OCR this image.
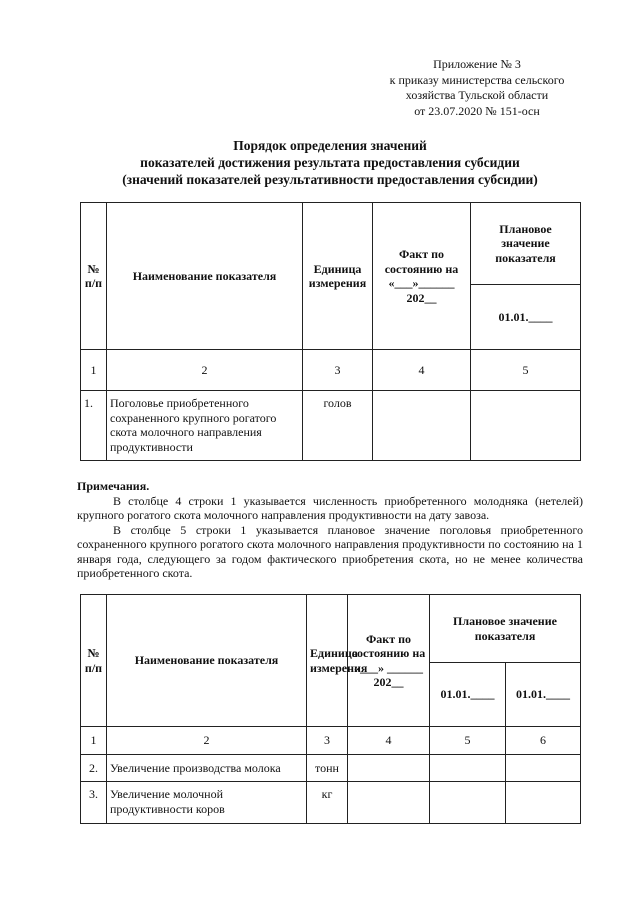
Приложение № 3
к приказу министерства сельского
хозяйства Тульской области
от 23.07.2020 № 151-осн
Порядок определения значений
показателей достижения результата предоставления субсидии
(значений показателей результативности предоставления субсидии)
№ п/п	Наименование показателя	Единица измерения	Факт по состоянию на «___»______ 202__	Плановое значение показателя
				01.01.____
1	2	3	4	5
1.	Поголовье приобретенного сохраненного крупного рогатого скота молочного направления продуктивности	голов		

Примечания.

В столбце 4 строки 1 указывается численность приобретенного молодняка (нетелей) крупного рогатого скота молочного направления продуктивности на дату завоза.

В столбце 5 строки 1 указывается плановое значение поголовья приобретенного сохраненного крупного рогатого скота молочного направления продуктивности по состоянию на 1 января года, следующего за годом фактического приобретения скота, но не менее количества приобретенного скота.

№ п/п	Наименование показателя	Единица измерения	Факт по состоянию на «___» ______ 202__	Плановое значение показателя	
				01.01.____	01.01.____
1	2	3	4	5	6
2.	Увеличение производства молока	тонн			
3.	Увеличение молочной продуктивности коров	кг			
